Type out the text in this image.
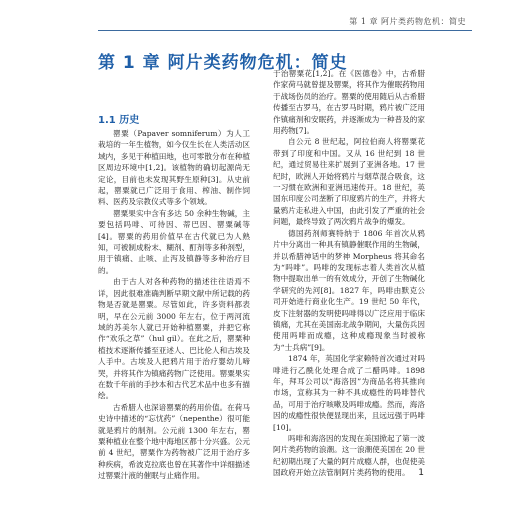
第 1 章 阿片类药物危机：简史
第 1 章 阿片类药物危机：简史
1.1 历史

罂粟（Papaver somniferum）为人工栽培的一年生植物，如今仅生长在人类活动区域内，多见于种植田地，也可零散分布在种植区周边环境中[1,2]。该植物的确切起源尚无定论，目前也未发现其野生原种[3]。从史前起，罂粟就已广泛用于食用、榨油、制作饲料、医药及宗教仪式等多个领域。

罂粟果实中含有多达 50 余种生物碱，主要包括吗啡、可待因、蒂巴因、罂粟碱等[4]。罂粟的药用价值早在古代就已为人熟知，可被制成粉末、糊剂、酊剂等多种剂型，用于镇痛、止咳、止泻及镇静等多种治疗目的。

由于古人对各种药物的描述往往语焉不详，因此很难准确判断早期文献中所记载的药物是否就是罂粟。尽管如此，许多资料都表明，早在公元前 3000 年左右，位于两河流域的苏美尔人就已开始种植罂粟，并把它称作“欢乐之草”（hul gil）。在此之后，罂粟种植技术逐渐传播至亚述人、巴比伦人和古埃及人手中。古埃及人把鸦片用于治疗婴幼儿啼哭，并将其作为镇痛药物广泛使用。罂粟果实在数千年前的手抄本和古代艺术品中也多有描绘。

古希腊人也深谙罂粟的药用价值。在荷马史诗中描述的“忘忧药”（nepenthe）很可能就是鸦片的制剂。公元前 1300 年左右，罂粟种植业在整个地中海地区都十分兴盛。公元前 4 世纪，罂粟作为药物被广泛用于治疗多种疾病，希波克拉底也曾在其著作中详细描述过罂粟汁液的催眠与止痛作用。

于治罂粟花[1,2]。在《医德卷》中，古希腊作家荷马就曾提及罂粟，将其作为催眠药物用于战场伤员的治疗。罂粟的使用随后从古希腊传播至古罗马，在古罗马时期，鸦片被广泛用作镇痛剂和安眠药，并逐渐成为一种普及的家用药物[7]。

自公元 8 世纪起，阿拉伯商人将罂粟花带到了印度和中国。又从 16 世纪到 18 世纪，通过贸易往来扩展到了亚洲各地。17 世纪时，欧洲人开始将鸦片与烟草混合吸食，这一习惯在欧洲和亚洲迅速传开。18 世纪，英国东印度公司垄断了印度鸦片的生产，并将大量鸦片走私进入中国，由此引发了严重的社会问题，最终导致了两次鸦片战争的爆发。

德国药剂师赛特纳于 1806 年首次从鸦片中分离出一种具有镇静催眠作用的生物碱，并以希腊神话中的梦神 Morpheus 将其命名为“吗啡”。吗啡的发现标志着人类首次从植物中提取出单一的有效成分，开创了生物碱化学研究的先河[8]。1827 年，吗啡由默克公司开始进行商业化生产。19 世纪 50 年代，皮下注射器的发明使吗啡得以广泛应用于临床镇痛，尤其在美国南北战争期间，大量伤兵因使用吗啡而成瘾，这种成瘾现象当时被称为“士兵病”[9]。

1874 年，英国化学家赖特首次通过对吗啡进行乙酰化处理合成了二醋吗啡。1898 年，拜耳公司以“海洛因”为商品名将其推向市场，宣称其为一种不具成瘾性的吗啡替代品，可用于治疗咳嗽及吗啡成瘾。然而，海洛因的成瘾性很快便显现出来，且远远强于吗啡[10]。

吗啡和海洛因的发现在美国掀起了第一波阿片类药物的浪潮。这一浪潮使美国在 20 世纪初期出现了大量的阿片成瘾人群，也促使美国政府开始立法管制阿片类药物的使用。 1
